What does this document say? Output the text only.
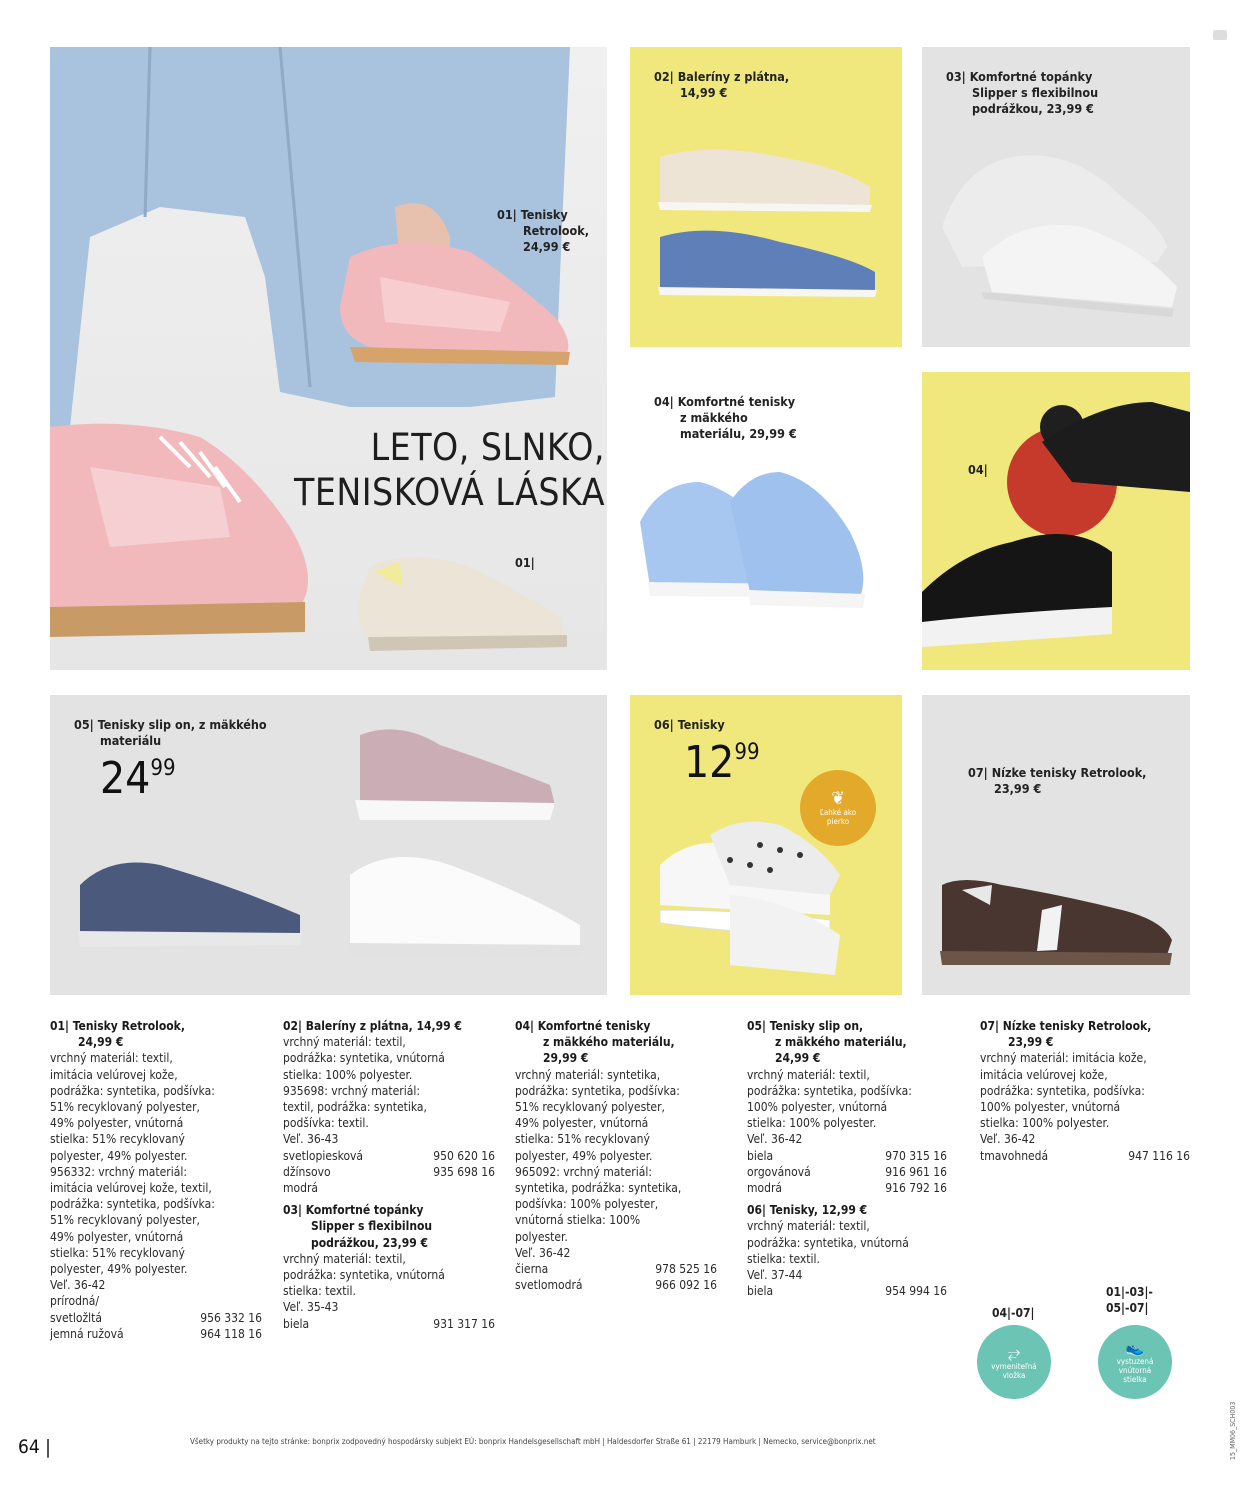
01| Tenisky
Retrolook,
24,99 €
01|
LETO, SLNKO,
TENISKOVÁ LÁSKA
02| Baleríny z plátna,
14,99 €
03| Komfortné topánky
Slipper s flexibilnou
podrážkou, 23,99 €
04| Komfortné tenisky
z mäkkého
materiálu, 29,99 €
04|
05| Tenisky slip on, z mäkkého
materiálu
$24^{99}$
06| Tenisky
$12^{99}$
❦
Ľahké ako
pierko
07| Nízke tenisky Retrolook,
23,99 €
01| Tenisky Retrolook,
24,99 €
vrchný materiál: textil,
imitácia velúrovej kože,
podrážka: syntetika, podšívka:
51% recyklovaný polyester,
49% polyester, vnútorná
stielka: 51% recyklovaný
polyester, 49% polyester.
956332: vrchný materiál:
imitácia velúrovej kože, textil,
podrážka: syntetika, podšívka:
51% recyklovaný polyester,
49% polyester, vnútorná
stielka: 51% recyklovaný
polyester, 49% polyester.
Veľ. 36-42
prírodná/
svetložltá	956 332 16
jemná ružová	964 118 16
02| Baleríny z plátna, 14,99 €
vrchný materiál: textil,
podrážka: syntetika, vnútorná
stielka: 100% polyester.
935698: vrchný materiál:
textil, podrážka: syntetika,
podšívka: textil.
Veľ. 36-43
svetlopiesková	950 620 16
džínsovo	935 698 16
modrá
03| Komfortné topánky
Slipper s flexibilnou
podrážkou, 23,99 €
vrchný materiál: textil,
podrážka: syntetika, vnútorná
stielka: textil.
Veľ. 35-43
biela	931 317 16
04| Komfortné tenisky
z mäkkého materiálu,
29,99 €
vrchný materiál: syntetika,
podrážka: syntetika, podšívka:
51% recyklovaný polyester,
49% polyester, vnútorná
stielka: 51% recyklovaný
polyester, 49% polyester.
965092: vrchný materiál:
syntetika, podrážka: syntetika,
podšívka: 100% polyester,
vnútorná stielka: 100%
polyester.
Veľ. 36-42
čierna	978 525 16
svetlomodrá	966 092 16
05| Tenisky slip on,
z mäkkého materiálu,
24,99 €
vrchný materiál: textil,
podrážka: syntetika, podšívka:
100% polyester, vnútorná
stielka: 100% polyester.
Veľ. 36-42
biela	970 315 16
orgovánová	916 961 16
modrá	916 792 16
06| Tenisky, 12,99 €
vrchný materiál: textil,
podrážka: syntetika, vnútorná
stielka: textil.
Veľ. 37-44
biela	954 994 16
07| Nízke tenisky Retrolook,
23,99 €
vrchný materiál: imitácia kože,
imitácia velúrovej kože,
podrážka: syntetika, podšívka:
100% polyester, vnútorná
stielka: 100% polyester.
Veľ. 36-42
tmavohnedá	947 116 16
04|-07|
⥂
vymeniteľná
vložka
01|-03|-
05|-07|
👟
vystuzená
vnútorná
stielka
64 |	Všetky produkty na tejto stránke: bonprix zodpovedný hospodársky subjekt EÚ: bonprix Handelsgesellschaft mbH | Haldesdorfer Straße 61 | 22179 Hamburk | Nemecko, service@bonprix.net	15_MM06_SCH003
